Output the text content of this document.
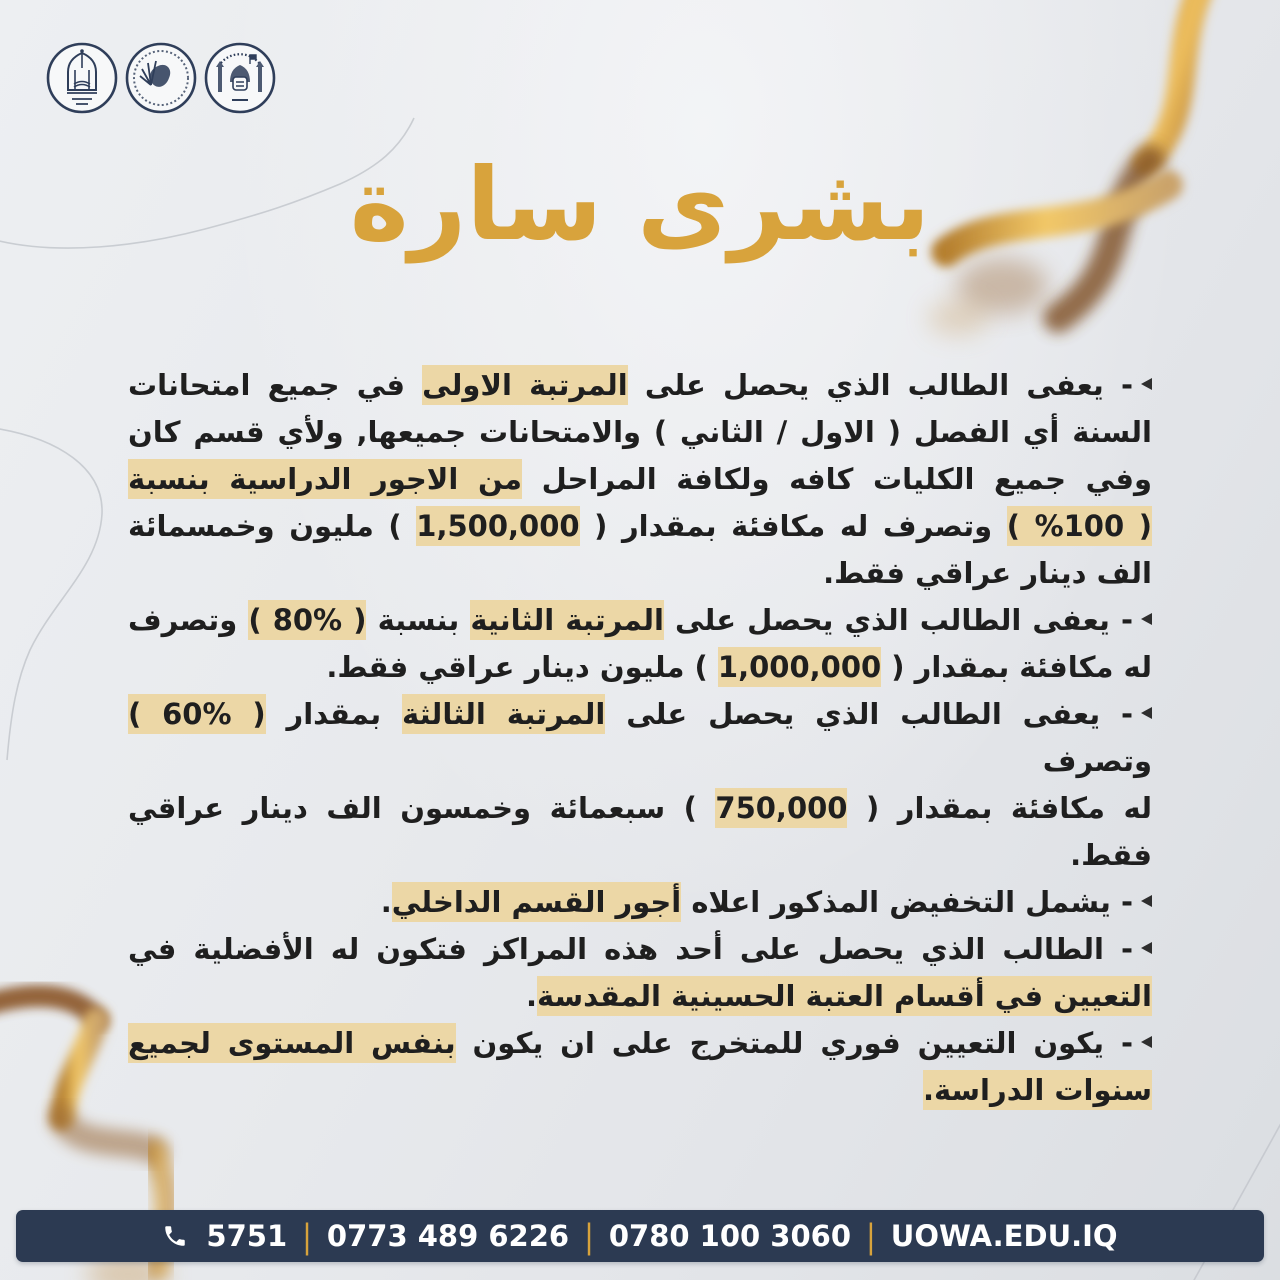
بشرى سارة
- يعفى الطالب الذي يحصل على المرتبة الاولى في جميع امتحانات
السنة أي الفصل ( الاول / الثاني ) والامتحانات جميعها, ولأي قسم كان
وفي جميع الكليات كافه ولكافة المراحل من الاجور الدراسية بنسبة
( %100 ) وتصرف له مكافئة بمقدار ( 1,500,000 ) مليون وخمسمائة
الف دينار عراقي فقط.
- يعفى الطالب الذي يحصل على المرتبة الثانية بنسبة ( %80 ) وتصرف
له مكافئة بمقدار ( 1,000,000 ) مليون دينار عراقي فقط.
- يعفى الطالب الذي يحصل على المرتبة الثالثة بمقدار ( %60 ) وتصرف
له مكافئة بمقدار ( 750,000 ) سبعمائة وخمسون الف دينار عراقي
فقط.
- يشمل التخفيض المذكور اعلاه أجور القسم الداخلي.
- الطالب الذي يحصل على أحد هذه المراكز فتكون له الأفضلية في
التعيين في أقسام العتبة الحسينية المقدسة.
- يكون التعيين فوري للمتخرج على ان يكون بنفس المستوى لجميع
سنوات الدراسة.
5751 | 0773 489 6226 | 0780 100 3060 | UOWA.EDU.IQ
